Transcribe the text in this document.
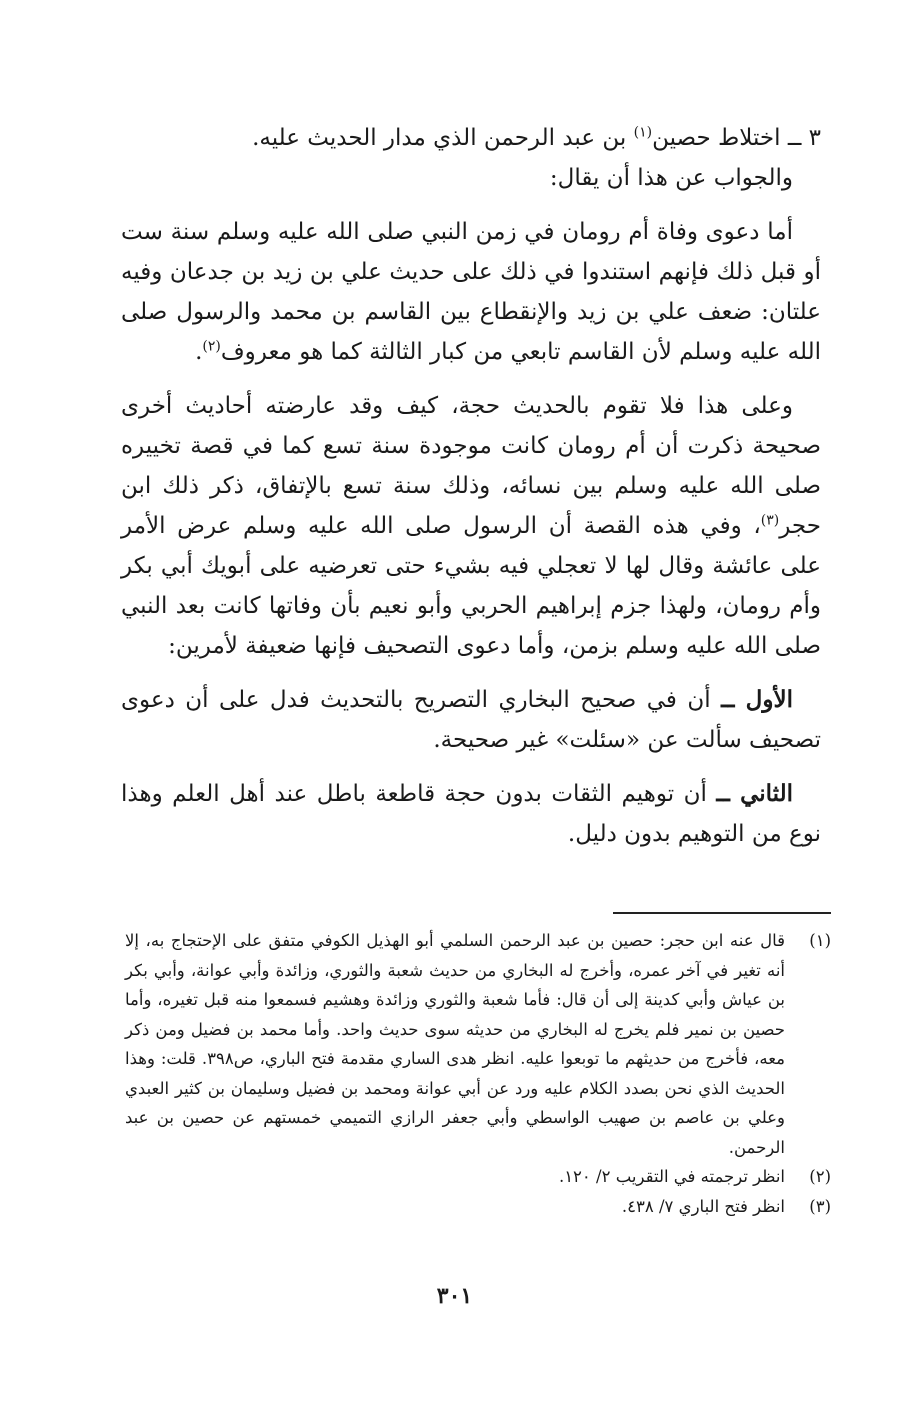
٣ ــ اختلاط حصين$^{(١)}$ بن عبد الرحمن الذي مدار الحديث عليه.

والجواب عن هذا أن يقال:

أما دعوى وفاة أم رومان في زمن النبي صلى الله عليه وسلم سنة ست أو قبل ذلك فإنهم استندوا في ذلك على حديث علي بن زيد بن جدعان وفيه علتان: ضعف علي بن زيد والإنقطاع بين القاسم بن محمد والرسول صلى الله عليه وسلم لأن القاسم تابعي من كبار الثالثة كما هو معروف$^{(٢)}$.

وعلى هذا فلا تقوم بالحديث حجة، كيف وقد عارضته أحاديث أخرى صحيحة ذكرت أن أم رومان كانت موجودة سنة تسع كما في قصة تخييره صلى الله عليه وسلم بين نسائه، وذلك سنة تسع بالإتفاق، ذكر ذلك ابن حجر$^{(٣)}$، وفي هذه القصة أن الرسول صلى الله عليه وسلم عرض الأمر على عائشة وقال لها لا تعجلي فيه بشيء حتى تعرضيه على أبويك أبي بكر وأم رومان، ولهذا جزم إبراهيم الحربي وأبو نعيم بأن وفاتها كانت بعد النبي صلى الله عليه وسلم بزمن، وأما دعوى التصحيف فإنها ضعيفة لأمرين:

الأول ــ أن في صحيح البخاري التصريح بالتحديث فدل على أن دعوى تصحيف سألت عن «سئلت» غير صحيحة.

الثاني ــ أن توهيم الثقات بدون حجة قاطعة باطل عند أهل العلم وهذا نوع من التوهيم بدون دليل.

(١)
قال عنه ابن حجر: حصين بن عبد الرحمن السلمي أبو الهذيل الكوفي متفق على الإحتجاج به، إلا أنه تغير في آخر عمره، وأخرج له البخاري من حديث شعبة والثوري، وزائدة وأبي عوانة، وأبي بكر بن عياش وأبي كدينة إلى أن قال: فأما شعبة والثوري وزائدة وهشيم فسمعوا منه قبل تغيره، وأما حصين بن نمير فلم يخرج له البخاري من حديثه سوى حديث واحد. وأما محمد بن فضيل ومن ذكر معه، فأخرج من حديثهم ما توبعوا عليه. انظر هدى الساري مقدمة فتح الباري، ص٣٩٨. قلت: وهذا الحديث الذي نحن بصدد الكلام عليه ورد عن أبي عوانة ومحمد بن فضيل وسليمان بن كثير العبدي وعلي بن عاصم بن صهيب الواسطي وأبي جعفر الرازي التميمي خمستهم عن حصين بن عبد الرحمن.
(٢)
انظر ترجمته في التقريب ٢/ ١٢٠.
(٣)
انظر فتح الباري ٧/ ٤٣٨.
٣٠١
